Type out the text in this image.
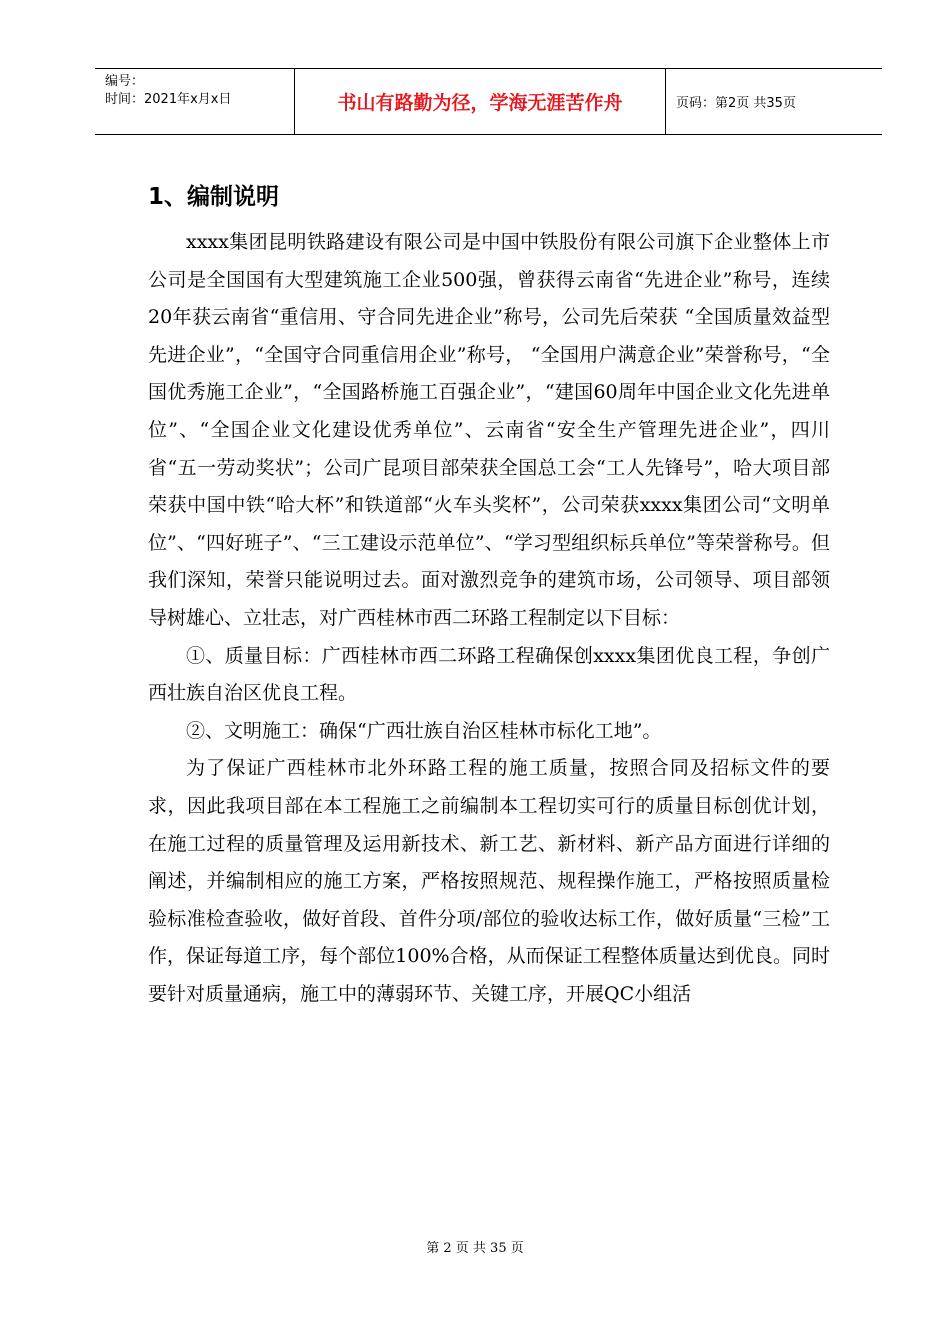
编号：
时间：2021年x月x日	书山有路勤为径，学海无涯苦作舟	页码：第2页 共35页
1、编制说明

xxxx集团昆明铁路建设有限公司是中国中铁股份有限公司旗下企业整体上市公司是全国国有大型建筑施工企业500强，曾获得云南省“先进企业”称号，连续20年获云南省“重信用、守合同先进企业”称号，公司先后荣获 “全国质量效益型先进企业”，“全国守合同重信用企业”称号， “全国用户满意企业”荣誉称号，“全国优秀施工企业”，“全国路桥施工百强企业”，“建国60周年中国企业文化先进单位”、“全国企业文化建设优秀单位”、云南省“安全生产管理先进企业”，四川省“五一劳动奖状”；公司广昆项目部荣获全国总工会“工人先锋号”，哈大项目部荣获中国中铁“哈大杯”和铁道部“火车头奖杯”，公司荣获xxxx集团公司“文明单位”、“四好班子”、“三工建设示范单位”、“学习型组织标兵单位”等荣誉称号。但我们深知，荣誉只能说明过去。面对激烈竞争的建筑市场，公司领导、项目部领导树雄心、立壮志，对广西桂林市西二环路工程制定以下目标：

①、质量目标：广西桂林市西二环路工程确保创xxxx集团优良工程，争创广西壮族自治区优良工程。

②、文明施工：确保“广西壮族自治区桂林市标化工地”。

为了保证广西桂林市北外环路工程的施工质量，按照合同及招标文件的要求，因此我项目部在本工程施工之前编制本工程切实可行的质量目标创优计划，在施工过程的质量管理及运用新技术、新工艺、新材料、新产品方面进行详细的阐述，并编制相应的施工方案，严格按照规范、规程操作施工，严格按照质量检验标准检查验收，做好首段、首件分项/部位的验收达标工作，做好质量“三检”工作，保证每道工序，每个部位100%合格，从而保证工程整体质量达到优良。同时要针对质量通病，施工中的薄弱环节、关键工序，开展QC小组活

第 2 页 共 35 页
